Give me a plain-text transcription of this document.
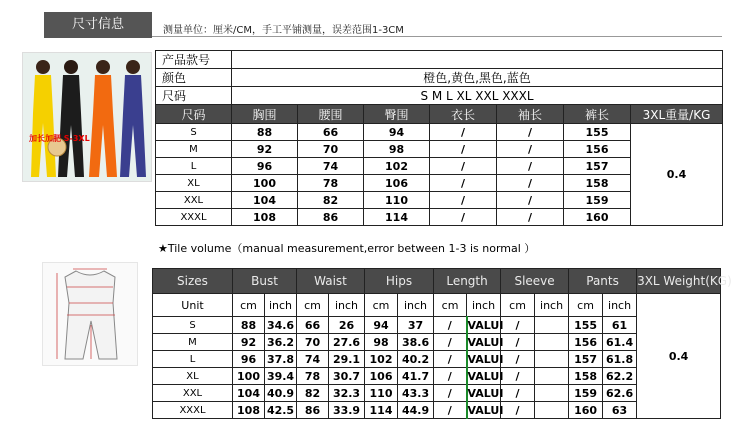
尺寸信息	测量单位：厘米/CM，手工平铺测量，误差范围1-3CM
加长加肥 S-3XL
产品款号							
颜色	橙色,黄色,黑色,蓝色						
尺码	S M L XL XXL XXXL						
尺码	胸围	腰围	臀围	衣长	袖长	裤长	3XL重量/KG
S	88	66	94	/	/	155	0.4
M	92	70	98	/	/	156	
L	96	74	102	/	/	157	
XL	100	78	106	/	/	158	
XXL	104	82	110	/	/	159	
XXXL	108	86	114	/	/	160	
★Tile volume（manual measurement,error between 1-3 is normal ）
Sizes	Bust		Waist		Hips		Length		Sleeve		Pants		3XL Weight(KG)
Unit	cm	inch	cm	inch	cm	inch	cm	inch	cm	inch	cm	inch	0.4
S	88	34.6	66	26	94	37	/	VALUI	/		155	61	
M	92	36.2	70	27.6	98	38.6	/	VALUI	/		156	61.4	
L	96	37.8	74	29.1	102	40.2	/	VALUI	/		157	61.8	
XL	100	39.4	78	30.7	106	41.7	/	VALUI	/		158	62.2	
XXL	104	40.9	82	32.3	110	43.3	/	VALUI	/		159	62.6	
XXXL	108	42.5	86	33.9	114	44.9	/	VALUI	/		160	63	
